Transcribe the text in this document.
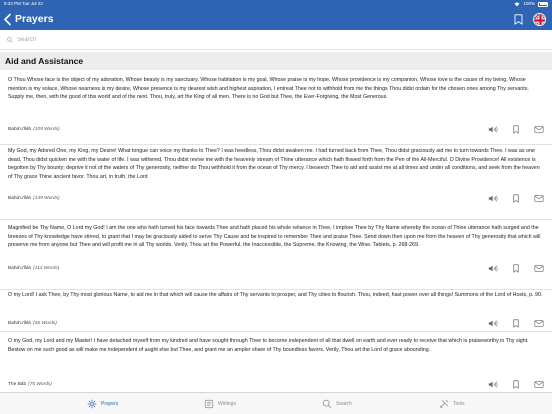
9:33 PM Tue Jul 23	100%
Prayers
Search
Aid and Assistance
O Thou Whose face is the object of my adoration, Whose beauty is my sanctuary, Whose habitation is my goal, Whose praise is my hope, Whose providence is my companion, Whose love is the cause of my being, Whose mention is my solace, Whose nearness is my desire, Whose presence is my dearest wish and highest aspiration, I entreat Thee not to withhold from me the things Thou didst ordain for the chosen ones among Thy servants. Supply me, then, with the good of this world and of the next. Thou, truly, art the King of all men. There is no God but Thee, the Ever-Forgiving, the Most Generous.
Bahá'u'lláh (109 Words)
My God, my Adored One, my King, my Desire! What tongue can voice my thanks to Thee? I was heedless, Thou didst awaken me. I had turned back from Thee, Thou didst graciously aid me to turn towards Thee. I was as one dead, Thou didst quicken me with the water of life. I was withered, Thou didst revive me with the heavenly stream of Thine utterance which hath flowed forth from the Pen of the All-Merciful. O Divine Providence! All existence is begotten by Thy bounty; deprive it not of the waters of Thy generosity, neither do Thou withhold it from the ocean of Thy mercy. I beseech Thee to aid and assist me at all times and under all conditions, and seek from the heaven of Thy grace Thine ancient favor. Thou art, in truth, the Lord
Bahá'u'lláh (149 Words)
Magnified be Thy Name, O Lord my God! I am the one who hath turned his face towards Thee and hath placed his whole reliance in Thee, I implore Thee by Thy Name whereby the ocean of Thine utterance hath surged and the breezes of Thy knowledge have stirred, to grant that I may be graciously aided to serve Thy Cause and be inspired to remember Thee and praise Thee. Send down then upon me from the heaven of Thy generosity that which will preserve me from anyone but Thee and will profit me in all Thy worlds. Verily, Thou art the Powerful, the Inaccessible, the Supreme, the Knowing, the Wise. Tablets, p. 268-269.
Bahá'u'lláh (113 Words)
O my Lord! I ask Thee, by Thy most glorious Name, to aid me in that which will cause the affairs of Thy servants to prosper, and Thy cities to flourish. Thou, indeed, hast power over all things! Summons of the Lord of Hosts, p. 90.
Bahá'u'lláh (46 Words)
O my God, my Lord and my Master! I have detached myself from my kindred and have sought through Thee to become independent of all that dwell on earth and ever ready to receive that which is praiseworthy in Thy sight. Bestow on me such good as will make me independent of aught else but Thee, and grant me an ampler share of Thy boundless favors. Verily, Thou art the Lord of grace abounding.
The Báb (75 Words)
Prayers	Writings	Search	Tools
